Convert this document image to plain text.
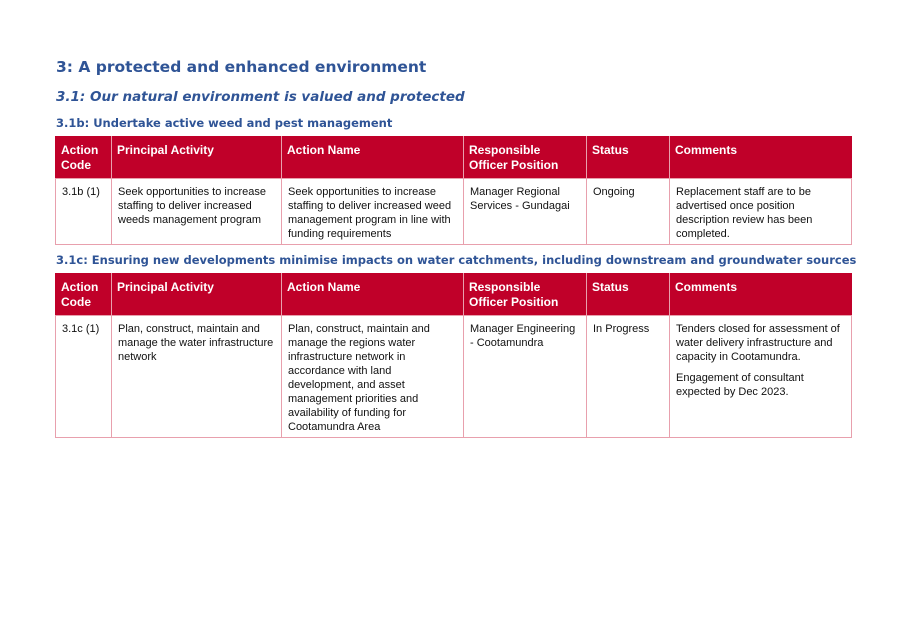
3: A protected and enhanced environment
3.1: Our natural environment is valued and protected
3.1b: Undertake active weed and pest management
Action Code	Principal Activity	Action Name	Responsible Officer Position	Status	Comments
3.1b (1)	Seek opportunities to increase staffing to deliver increased weeds management program	Seek opportunities to increase staffing to deliver increased weed management program in line with funding requirements	Manager Regional Services - Gundagai	Ongoing	Replacement staff are to be advertised once position description review has been completed.
3.1c: Ensuring new developments minimise impacts on water catchments, including downstream and groundwater sources
Action Code	Principal Activity	Action Name	Responsible Officer Position	Status	Comments
3.1c (1)	Plan, construct, maintain and manage the water infrastructure network	Plan, construct, maintain and manage the regions water infrastructure network in accordance with land development, and asset management priorities and availability of funding for Cootamundra Area	Manager Engineering - Cootamundra	In Progress	Tenders closed for assessment of water delivery infrastructure and capacity in Cootamundra.
Engagement of consultant expected by Dec 2023.
